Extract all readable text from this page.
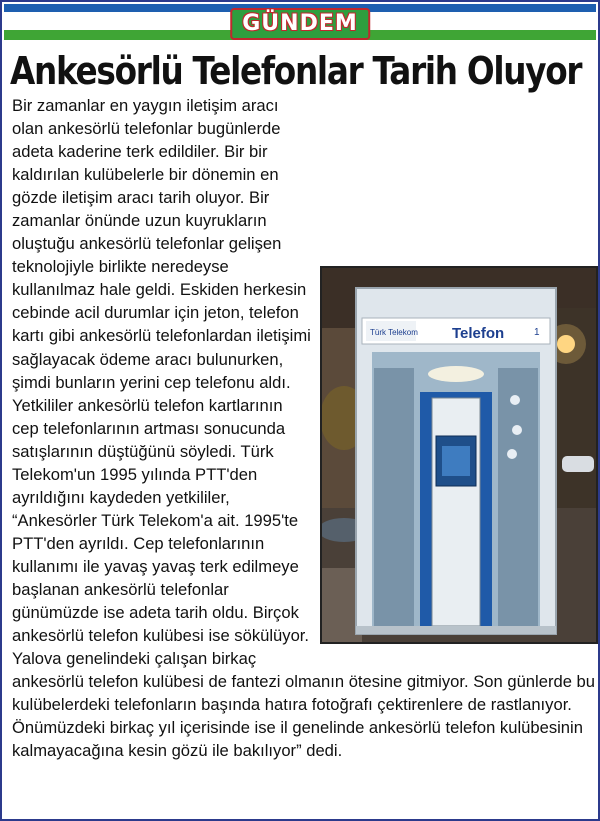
GÜNDEM
Ankesörlü Telefonlar Tarih Oluyor
Türk Telekom Telefon	1

Bir zamanlar en yaygın iletişim aracı olan ankesörlü telefonlar bugünlerde adeta kaderine terk edildiler. Bir bir kaldırılan kulübelerle bir dönemin en gözde iletişim aracı tarih oluyor. Bir zamanlar önünde uzun kuyrukların oluştuğu ankesörlü telefonlar gelişen teknolojiyle birlikte neredeyse kullanılmaz hale geldi. Eskiden herkesin cebinde acil durumlar için jeton, telefon kartı gibi ankesörlü telefonlardan iletişimi sağlayacak ödeme aracı bulunurken, şimdi bunların yerini cep telefonu aldı. Yetkililer ankesörlü telefon kartlarının cep telefonlarının artması sonucunda satışlarının düştüğünü söyledi. Türk Telekom'un 1995 yılında PTT'den ayrıldığını kaydeden yetkililer, “Ankesörler Türk Telekom'a ait. 1995'te PTT'den ayrıldı. Cep telefonlarının kullanımı ile yavaş yavaş terk edilmeye başlanan ankesörlü telefonlar günümüzde ise adeta tarih oldu. Birçok ankesörlü telefon kulübesi ise sökülüyor. Yalova genelindeki çalışan birkaç ankesörlü telefon kulübesi de fantezi olmanın ötesine gitmiyor. Son günlerde bu kulübelerdeki telefonların başında hatıra fotoğrafı çektirenlere de rastlanıyor. Önümüzdeki birkaç yıl içerisinde ise il genelinde ankesörlü telefon kulübesinin kalmayacağına kesin gözü ile bakılıyor” dedi.
